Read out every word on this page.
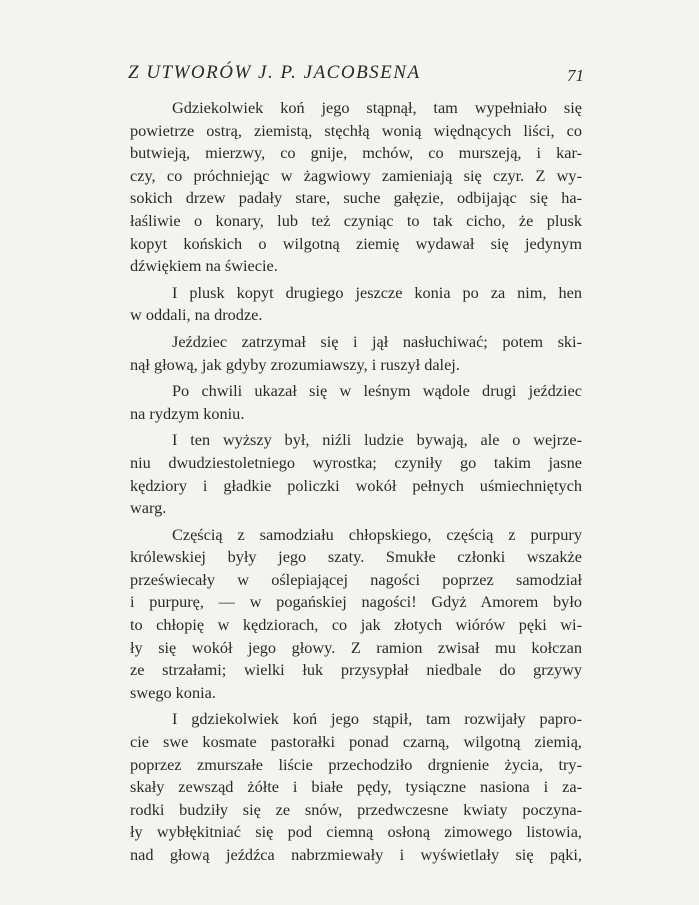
Z UTWORÓW J. P. JACOBSENA	71

Gdziekolwiek koń jego stąpnął, tam wypełniało się
powietrze ostrą, ziemistą, stęchłą wonią więdnących liści, co
butwieją, mierzwy, co gnije, mchów, co murszeją, i kar-
czy, co próchnieją̨c w żagwiowy zamieniają się czyr. Z wy-
sokich drzew padały stare, suche gałęzie, odbijając się ha-
łaśliwie o konary, lub też czyniąc to tak cicho, że plusk
kopyt końskich o wilgotną ziemię wydawał się jedynym
dźwiękiem na świecie.

I plusk kopyt drugiego jeszcze konia po za nim, hen
w oddali, na drodze.

Jeździec zatrzymał się i jął nasłuchiwać; potem ski-
nął głową, jak gdyby zrozumiawszy, i ruszył dalej.

Po chwili ukazał się w leśnym wądole drugi jeździec
na rydzym koniu.

I ten wyższy był, niźli ludzie bywają, ale o wejrze-
niu dwudziestoletniego wyrostka; czyniły go takim jasne
kędziory i gładkie policzki wokół pełnych uśmiechniętych
warg.

Częścią z samodziału chłopskiego, częścią z purpury
królewskiej były jego szaty. Smukłe członki wszakże
przeświecały w oślepiającej nagości poprzez samodział
i purpurę, — w pogańskiej nagości! Gdyż Amorem było
to chłopię w kędziorach, co jak złotych wiórów pęki wi-
ły się wokół jego głowy. Z ramion zwisał mu kołczan
ze strzałami; wielki łuk przysypłał niedbale do grzywy
swego konia.

I gdziekolwiek koń jego stąpił, tam rozwijały papro-
cie swe kosmate pastorałki ponad czarną, wilgotną ziemią,
poprzez zmurszałe liście przechodziło drgnienie życia, try-
skały zewsząd żółte i białe pędy, tysiączne nasiona i za-
rodki budziły się ze snów, przedwczesne kwiaty poczyna-
ły wybłękitniać się pod ciemną osłoną zimowego listowia,
nad głową jeźdźca nabrzmiewały i wyświetlały się pąki,
